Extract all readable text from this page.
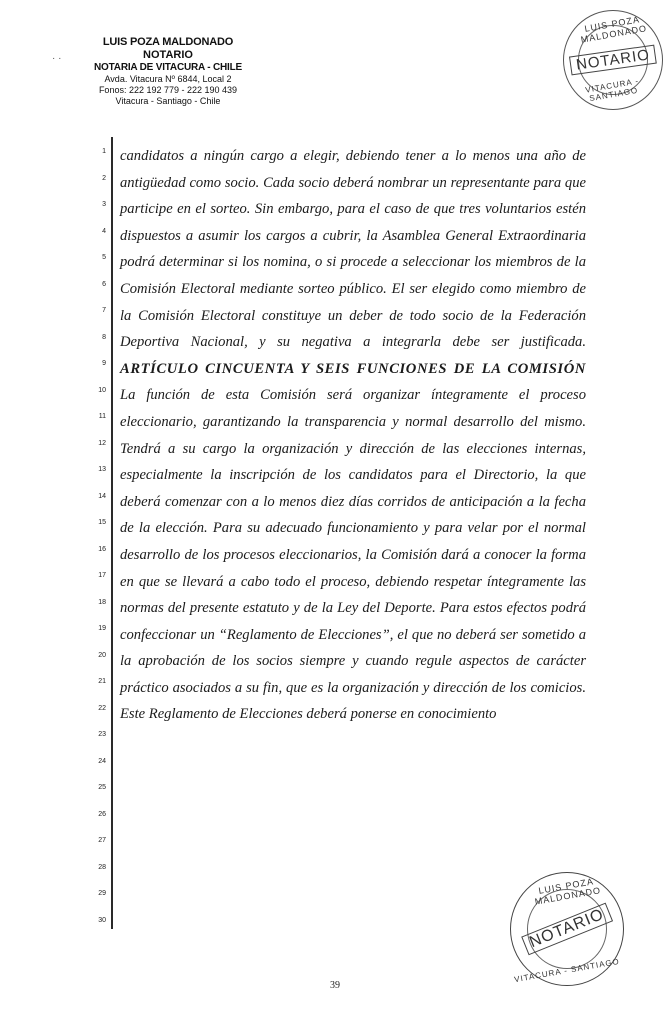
LUIS POZA MALDONADO
NOTARIO
NOTARIA DE VITACURA - CHILE
Avda. Vitacura Nº 6844, Local 2
Fonos: 222 192 779 - 222 190 439
Vitacura - Santiago - Chile
· ·
LUIS POZA MALDONADO
NOTARIO
VITACURA - SANTIAGO
1
2
3
4
5
6
7
8
9
10
11
12
13
14
15
16
17
18
19
20
21
22
23
24
25
26
27
28
29
30

candidatos a ningún cargo a elegir, debiendo tener a lo menos una año de antigüedad como socio. Cada socio deberá nombrar un representante para que participe en el sorteo. Sin embargo, para el caso de que tres voluntarios estén dispuestos a asumir los cargos a cubrir, la Asamblea General Extraordinaria podrá determinar si los nomina, o si procede a seleccionar los miembros de la Comisión Electoral mediante sorteo público. El ser elegido como miembro de la Comisión Electoral constituye un deber de todo socio de la Federación Deportiva Nacional, y su negativa a integrarla debe ser justificada. ARTÍCULO CINCUENTA Y SEIS FUNCIONES DE LA COMISIÓN La función de esta Comisión será organizar íntegramente el proceso eleccionario, garantizando la transparencia y normal desarrollo del mismo. Tendrá a su cargo la organización y dirección de las elecciones internas, especialmente la inscripción de los candidatos para el Directorio, la que deberá comenzar con a lo menos diez días corridos de anticipación a la fecha de la elección. Para su adecuado funcionamiento y para velar por el normal desarrollo de los procesos eleccionarios, la Comisión dará a conocer la forma en que se llevará a cabo todo el proceso, debiendo respetar íntegramente las normas del presente estatuto y de la Ley del Deporte. Para estos efectos podrá confeccionar un “Reglamento de Elecciones”, el que no deberá ser sometido a la aprobación de los socios siempre y cuando regule aspectos de carácter práctico asociados a su fin, que es la organización y dirección de los comicios. Este Reglamento de Elecciones deberá ponerse en conocimiento

LUIS POZA MALDONADO
NOTARIO
VITACURA - SANTIAGO
39
